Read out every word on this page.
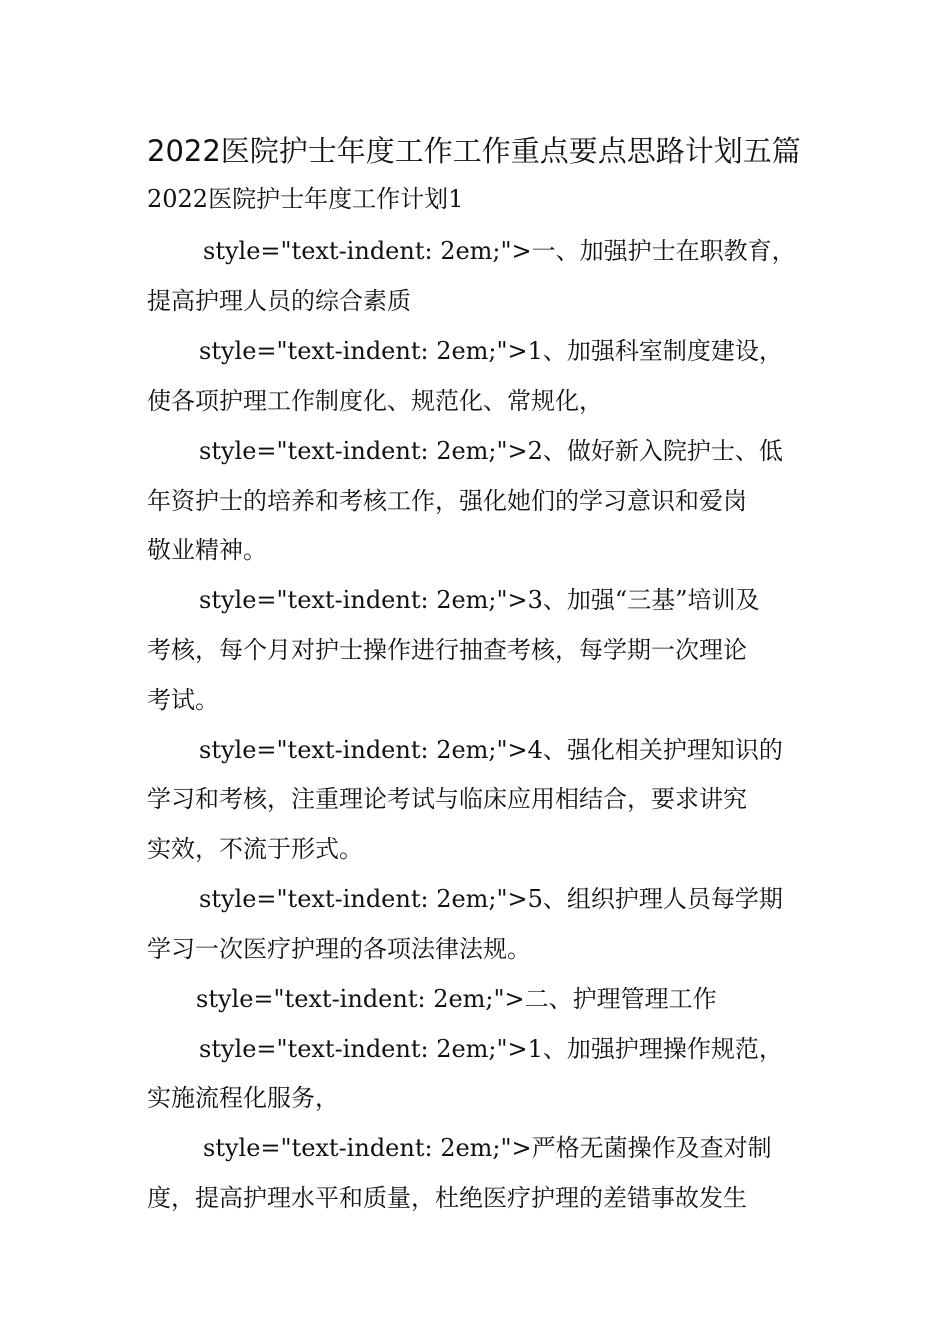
2022医院护士年度工作工作重点要点思路计划五篇
2022医院护士年度工作计划1
style="text-indent: 2em;">一、加强护士在职教育，
提高护理人员的综合素质
style="text-indent: 2em;">1、加强科室制度建设，
使各项护理工作制度化、规范化、常规化，
style="text-indent: 2em;">2、做好新入院护士、低
年资护士的培养和考核工作，强化她们的学习意识和爱岗
敬业精神。
style="text-indent: 2em;">3、加强“三基”培训及
考核，每个月对护士操作进行抽查考核，每学期一次理论
考试。
style="text-indent: 2em;">4、强化相关护理知识的
学习和考核，注重理论考试与临床应用相结合，要求讲究
实效，不流于形式。
style="text-indent: 2em;">5、组织护理人员每学期
学习一次医疗护理的各项法律法规。
style="text-indent: 2em;">二、护理管理工作
style="text-indent: 2em;">1、加强护理操作规范，
实施流程化服务，
style="text-indent: 2em;">严格无菌操作及查对制
度，提高护理水平和质量，杜绝医疗护理的差错事故发生
